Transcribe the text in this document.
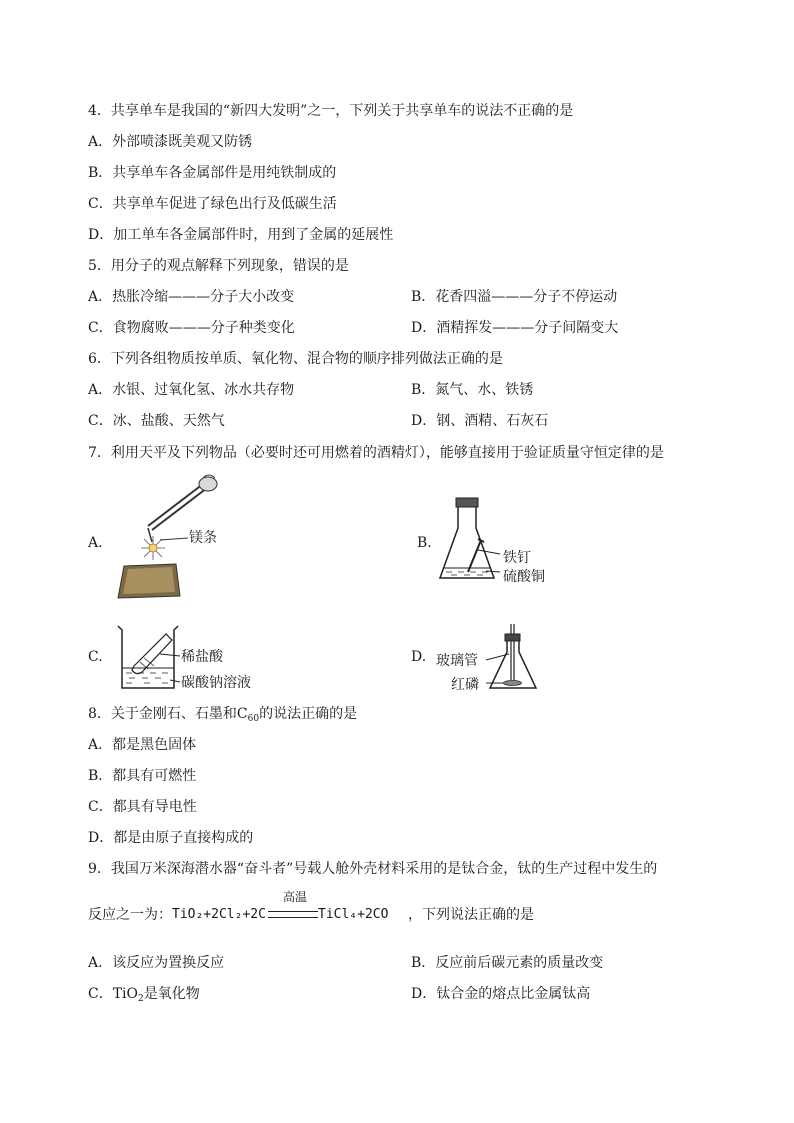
4．共享单车是我国的“新四大发明”之一，下列关于共享单车的说法不正确的是
A．外部喷漆既美观又防锈
B．共享单车各金属部件是用纯铁制成的
C．共享单车促进了绿色出行及低碳生活
D．加工单车各金属部件时，用到了金属的延展性
5．用分子的观点解释下列现象，错误的是
A．热胀冷缩———分子大小改变	B．花香四溢———分子不停运动
C．食物腐败———分子种类变化	D．酒精挥发———分子间隔变大
6．下列各组物质按单质、氧化物、混合物的顺序排列做法正确的是
A．水银、过氧化氢、冰水共存物	B．氮气、水、铁锈
C．冰、盐酸、天然气	D．钢、酒精、石灰石
7．利用天平及下列物品（必要时还可用燃着的酒精灯），能够直接用于验证质量守恒定律的是
A.	镁条	B.
铁钉
硫酸铜
C.	稀盐酸
碳酸钠溶液
D. 玻璃管
红磷
8．关于金刚石、石墨和$C_{60}$的说法正确的是
A．都是黑色固体
B．都具有可燃性
C．都具有导电性
D．都是由原子直接构成的
9．我国万米深海潜水器“奋斗者”号载人舱外壳材料采用的是钛合金，钛的生产过程中发生的
反应之一为： TiO₂+2Cl₂+2C
高温
TiCl₄+2CO ，下列说法正确的是
A．该反应为置换反应	B．反应前后碳元素的质量改变
C．TiO$_2$是氧化物	D．钛合金的熔点比金属钛高
